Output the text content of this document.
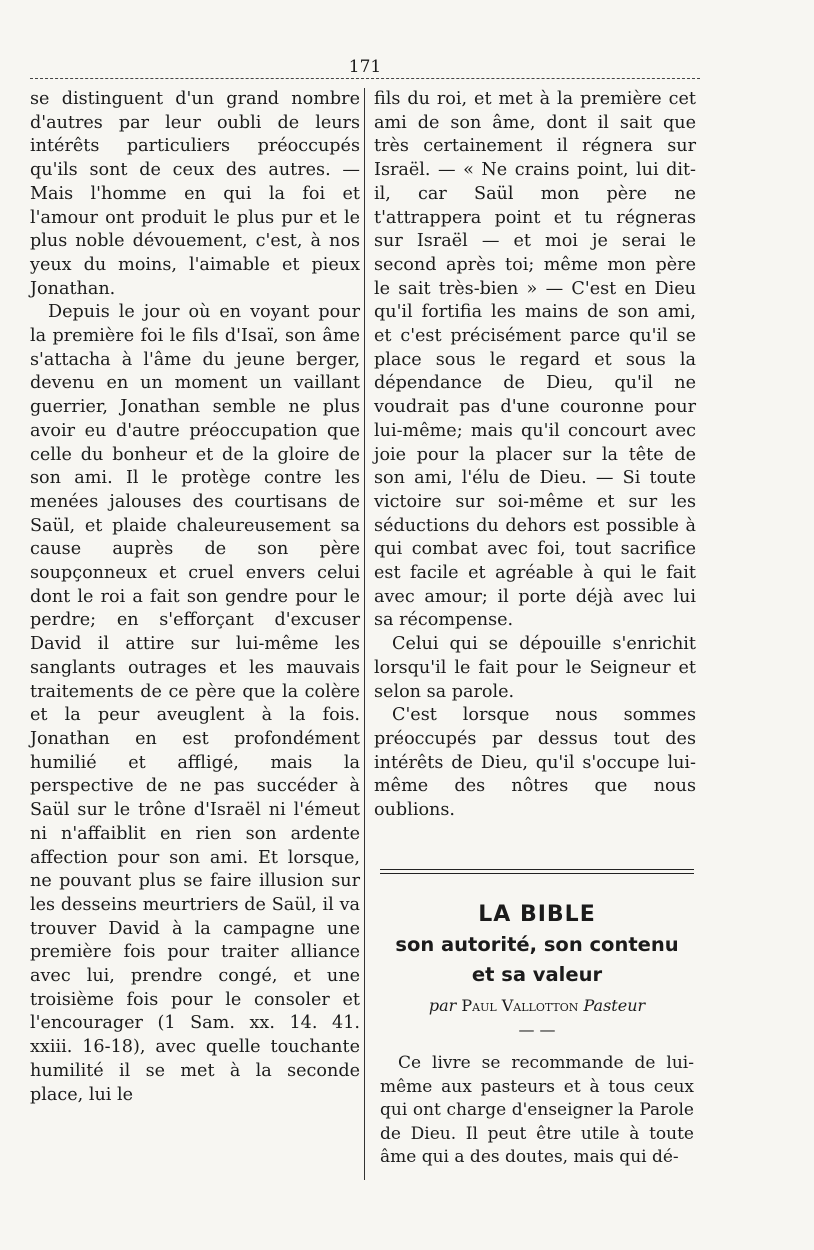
171

se distinguent d'un grand nombre d'autres par leur oubli de leurs intérêts particuliers préoccupés qu'ils sont de ceux des autres. — Mais l'homme en qui la foi et l'amour ont produit le plus pur et le plus noble dévouement, c'est, à nos yeux du moins, l'aimable et pieux Jonathan.

Depuis le jour où en voyant pour la première foi le fils d'Isaï, son âme s'attacha à l'âme du jeune berger, devenu en un moment un vaillant guerrier, Jonathan semble ne plus avoir eu d'autre préoccupation que celle du bonheur et de la gloire de son ami. Il le protège contre les menées jalouses des courtisans de Saül, et plaide chaleureusement sa cause auprès de son père soupçonneux et cruel envers celui dont le roi a fait son gendre pour le perdre; en s'efforçant d'excuser David il attire sur lui-même les sanglants outrages et les mauvais traitements de ce père que la colère et la peur aveuglent à la fois. Jonathan en est profondément humilié et affligé, mais la perspective de ne pas succéder à Saül sur le trône d'Israël ni l'émeut ni n'affaiblit en rien son ardente affection pour son ami. Et lorsque, ne pouvant plus se faire illusion sur les desseins meurtriers de Saül, il va trouver David à la campagne une première fois pour traiter alliance avec lui, prendre congé, et une troisième fois pour le consoler et l'encourager (1 Sam. xx. 14. 41. xxiii. 16-18), avec quelle touchante humilité il se met à la seconde place, lui le

fils du roi, et met à la première cet ami de son âme, dont il sait que très certainement il régnera sur Israël. — « Ne crains point, lui dit-il, car Saül mon père ne t'attrappera point et tu régneras sur Israël — et moi je serai le second après toi; même mon père le sait très-bien » — C'est en Dieu qu'il fortifia les mains de son ami, et c'est précisément parce qu'il se place sous le regard et sous la dépendance de Dieu, qu'il ne voudrait pas d'une couronne pour lui-même; mais qu'il concourt avec joie pour la placer sur la tête de son ami, l'élu de Dieu. — Si toute victoire sur soi-même et sur les séductions du dehors est possible à qui combat avec foi, tout sacrifice est facile et agréable à qui le fait avec amour; il porte déjà avec lui sa récompense.

Celui qui se dépouille s'enrichit lorsqu'il le fait pour le Seigneur et selon sa parole.

C'est lorsque nous sommes préoccupés par dessus tout des intérêts de Dieu, qu'il s'occupe lui-même des nôtres que nous oublions.

LA BIBLE
son autorité, son contenu
et sa valeur
par Paul Vallotton Pasteur
— —
Ce livre se recommande de lui-même aux pasteurs et à tous ceux qui ont charge d'enseigner la Parole de Dieu. Il peut être utile à toute âme qui a des doutes, mais qui dé-
